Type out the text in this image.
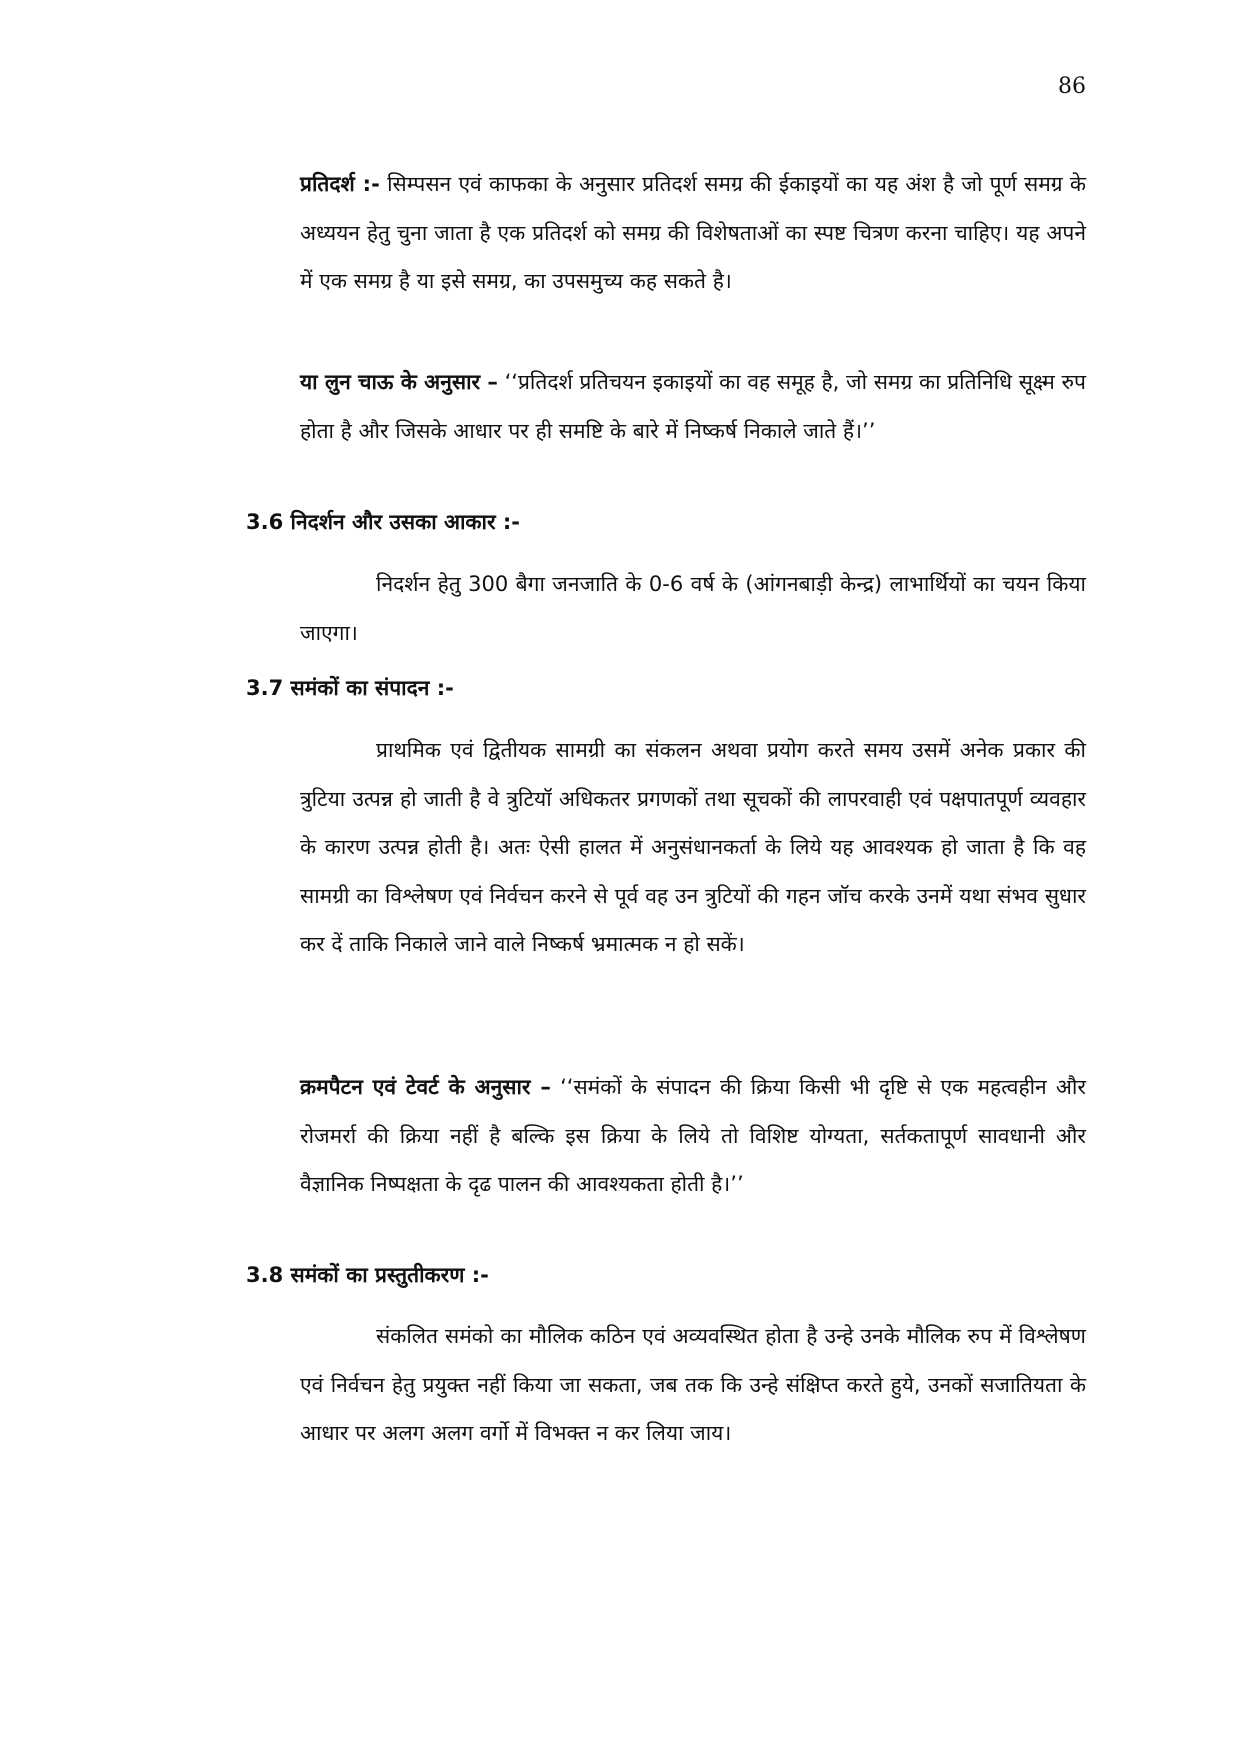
86

प्रतिदर्श :- सिम्पसन एवं काफका के अनुसार प्रतिदर्श समग्र की ईकाइयों का यह अंश है जो पूर्ण समग्र के अध्ययन हेतु चुना जाता है एक प्रतिदर्श को समग्र की विशेषताओं का स्पष्ट चित्रण करना चाहिए। यह अपने में एक समग्र है या इसे समग्र, का उपसमुच्य कह सकते है।

या लुन चाऊ के अनुसार – ‘‘प्रतिदर्श प्रतिचयन इकाइयों का वह समूह है, जो समग्र का प्रतिनिधि सूक्ष्म रुप होता है और जिसके आधार पर ही समष्टि के बारे में निष्कर्ष निकाले जाते हैं।’’

3.6 निदर्शन और उसका आकार :-

निदर्शन हेतु 300 बैगा जनजाति के 0-6 वर्ष के (आंगनबाड़ी केन्द्र) लाभार्थियों का चयन किया जाएगा।

3.7 समंकों का संपादन :-

प्राथमिक एवं द्वितीयक सामग्री का संकलन अथवा प्रयोग करते समय उसमें अनेक प्रकार की त्रुटिया उत्पन्न हो जाती है वे त्रुटियॉ अधिकतर प्रगणकों तथा सूचकों की लापरवाही एवं पक्षपातपूर्ण व्यवहार के कारण उत्पन्न होती है। अतः ऐसी हालत में अनुसंधानकर्ता के लिये यह आवश्यक हो जाता है कि वह सामग्री का विश्लेषण एवं निर्वचन करने से पूर्व वह उन त्रुटियों की गहन जॉच करके उनमें यथा संभव सुधार कर दें ताकि निकाले जाने वाले निष्कर्ष भ्रमात्मक न हो सकें।

क्रमपैटन एवं टेवर्ट के अनुसार – ‘‘समंकों के संपादन की क्रिया किसी भी दृष्टि से एक महत्वहीन और रोजमर्रा की क्रिया नहीं है बल्कि इस क्रिया के लिये तो विशिष्ट योग्यता, सर्तकतापूर्ण सावधानी और वैज्ञानिक निष्पक्षता के दृढ पालन की आवश्यकता होती है।’’

3.8 समंकों का प्रस्तुतीकरण :-

संकलित समंको का मौलिक कठिन एवं अव्यवस्थित होता है उन्हे उनके मौलिक रुप में विश्लेषण एवं निर्वचन हेतु प्रयुक्त नहीं किया जा सकता, जब तक कि उन्हे संक्षिप्त करते हुये, उनकों सजातियता के आधार पर अलग अलग वर्गो में विभक्त न कर लिया जाय।
